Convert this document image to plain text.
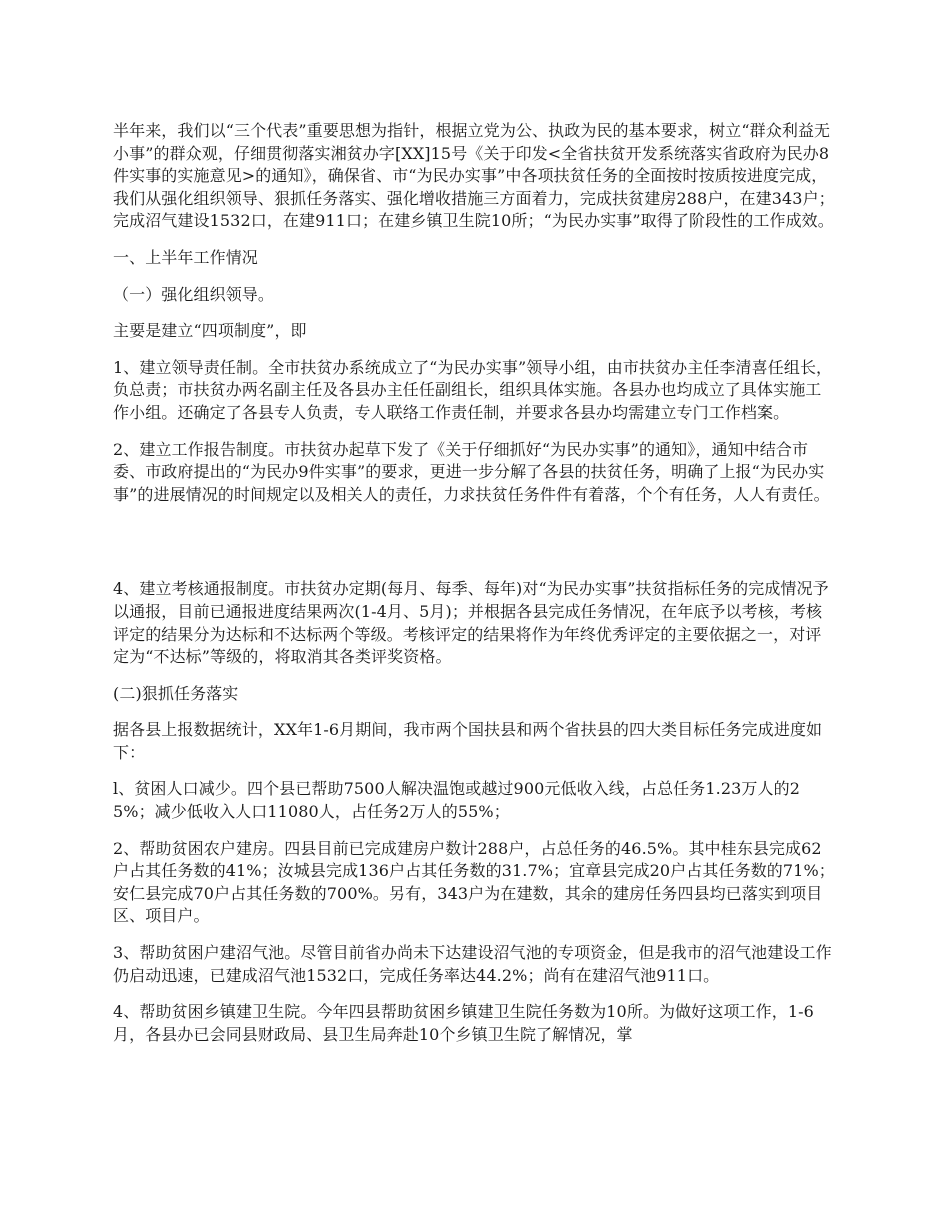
半年来，我们以“三个代表”重要思想为指针，根据立党为公、执政为民的基本要求，树立“群众利益无小事”的群众观，仔细贯彻落实湘贫办字[XX]15号《关于印发<全省扶贫开发系统落实省政府为民办8件实事的实施意见>的通知》，确保省、市“为民办实事”中各项扶贫任务的全面按时按质按进度完成，我们从强化组织领导、狠抓任务落实、强化增收措施三方面着力，完成扶贫建房288户，在建343户；完成沼气建设1532口，在建911口；在建乡镇卫生院10所；“为民办实事”取得了阶段性的工作成效。

一、上半年工作情况

（一）强化组织领导。

主要是建立“四项制度”，即

1、建立领导责任制。全市扶贫办系统成立了“为民办实事”领导小组，由市扶贫办主任李清喜任组长，负总责；市扶贫办两名副主任及各县办主任任副组长，组织具体实施。各县办也均成立了具体实施工作小组。还确定了各县专人负责，专人联络工作责任制，并要求各县办均需建立专门工作档案。

2、建立工作报告制度。市扶贫办起草下发了《关于仔细抓好“为民办实事”的通知》，通知中结合市委、市政府提出的“为民办9件实事”的要求，更进一步分解了各县的扶贫任务，明确了上报“为民办实事”的进展情况的时间规定以及相关人的责任，力求扶贫任务件件有着落，个个有任务，人人有责任。

4、建立考核通报制度。市扶贫办定期(每月、每季、每年)对“为民办实事”扶贫指标任务的完成情况予以通报，目前已通报进度结果两次(1-4月、5月)；并根据各县完成任务情况，在年底予以考核，考核评定的结果分为达标和不达标两个等级。考核评定的结果将作为年终优秀评定的主要依据之一，对评定为“不达标”等级的，将取消其各类评奖资格。

(二)狠抓任务落实

据各县上报数据统计，XX年1-6月期间，我市两个国扶县和两个省扶县的四大类目标任务完成进度如下：

l、贫困人口减少。四个县已帮助7500人解决温饱或越过900元低收入线，占总任务1.23万人的25%；减少低收入人口11080人，占任务2万人的55%；

2、帮助贫困农户建房。四县目前已完成建房户数计288户，占总任务的46.5%。其中桂东县完成62户占其任务数的41%；汝城县完成136户占其任务数的31.7%；宜章县完成20户占其任务数的71%；安仁县完成70户占其任务数的700%。另有，343户为在建数，其余的建房任务四县均已落实到项目区、项目户。

3、帮助贫困户建沼气池。尽管目前省办尚未下达建设沼气池的专项资金，但是我市的沼气池建设工作仍启动迅速，已建成沼气池1532口，完成任务率达44.2%；尚有在建沼气池911口。

4、帮助贫困乡镇建卫生院。今年四县帮助贫困乡镇建卫生院任务数为10所。为做好这项工作，1-6月，各县办已会同县财政局、县卫生局奔赴10个乡镇卫生院了解情况，掌
